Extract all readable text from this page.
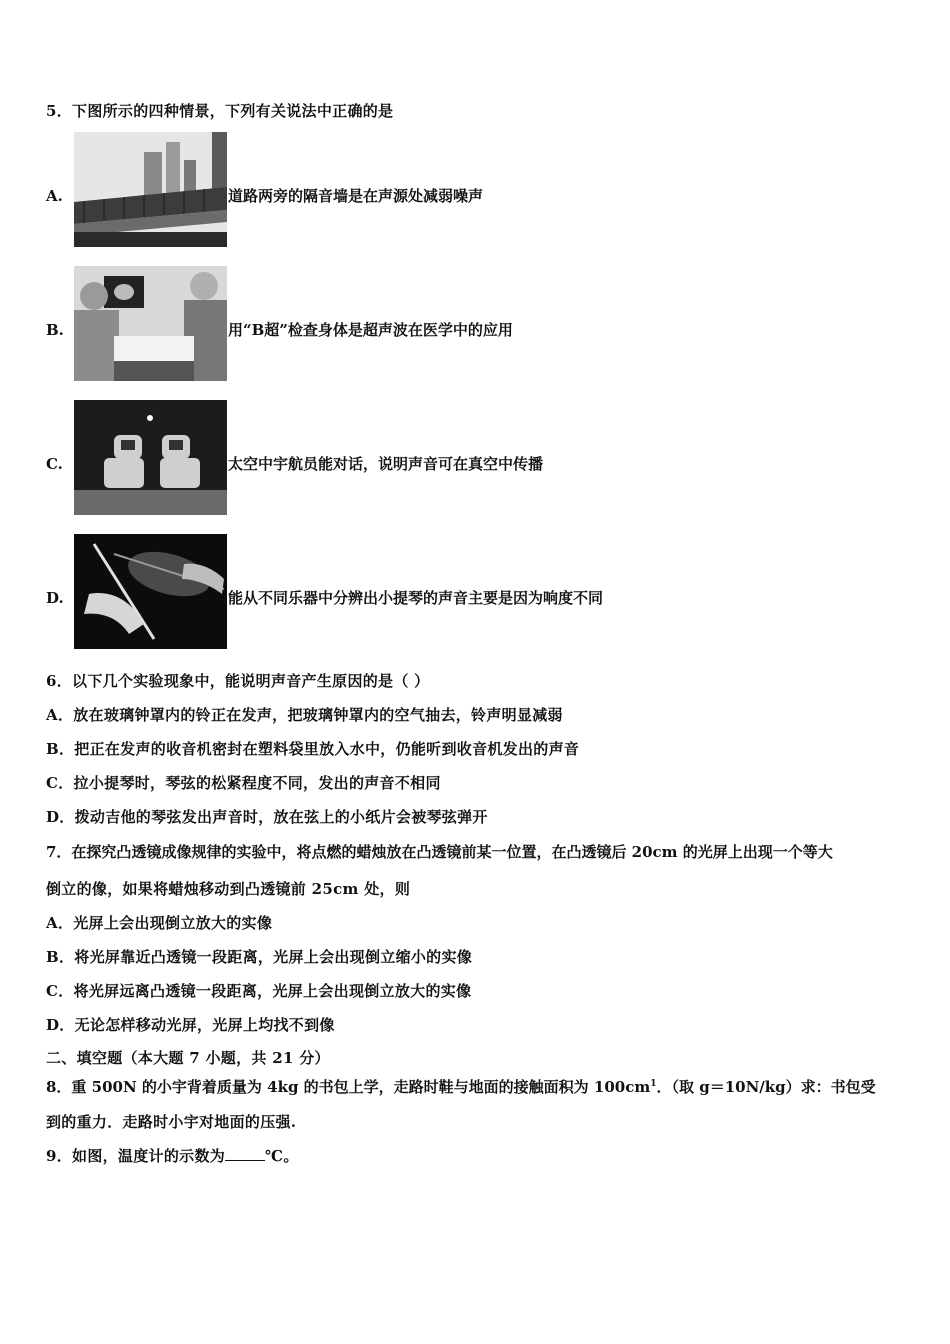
5．下图所示的四种情景，下列有关说法中正确的是
A.	道路两旁的隔音墙是在声源处减弱噪声
B.	用“B超”检查身体是超声波在医学中的应用
C.	太空中宇航员能对话，说明声音可在真空中传播
D.	能从不同乐器中分辨出小提琴的声音主要是因为响度不同
6．以下几个实验现象中，能说明声音产生原因的是（ ）
A．放在玻璃钟罩内的铃正在发声，把玻璃钟罩内的空气抽去，铃声明显减弱
B．把正在发声的收音机密封在塑料袋里放入水中，仍能听到收音机发出的声音
C．拉小提琴时，琴弦的松紧程度不同，发出的声音不相同
D．拨动吉他的琴弦发出声音时，放在弦上的小纸片会被琴弦弹开
7．在探究凸透镜成像规律的实验中，将点燃的蜡烛放在凸透镜前某一位置，在凸透镜后 20cm 的光屏上出现一个等大
倒立的像，如果将蜡烛移动到凸透镜前 25cm 处，则
A．光屏上会出现倒立放大的实像
B．将光屏靠近凸透镜一段距离，光屏上会出现倒立缩小的实像
C．将光屏远离凸透镜一段距离，光屏上会出现倒立放大的实像
D．无论怎样移动光屏，光屏上均找不到像
二、填空题（本大题 7 小题，共 21 分）
8．重 500N 的小宇背着质量为 4kg 的书包上学，走路时鞋与地面的接触面积为 $100cm^1$．（取 g＝10N/kg）求：书包受
到的重力．走路时小宇对地面的压强.
9．如图，温度计的示数为	℃。
